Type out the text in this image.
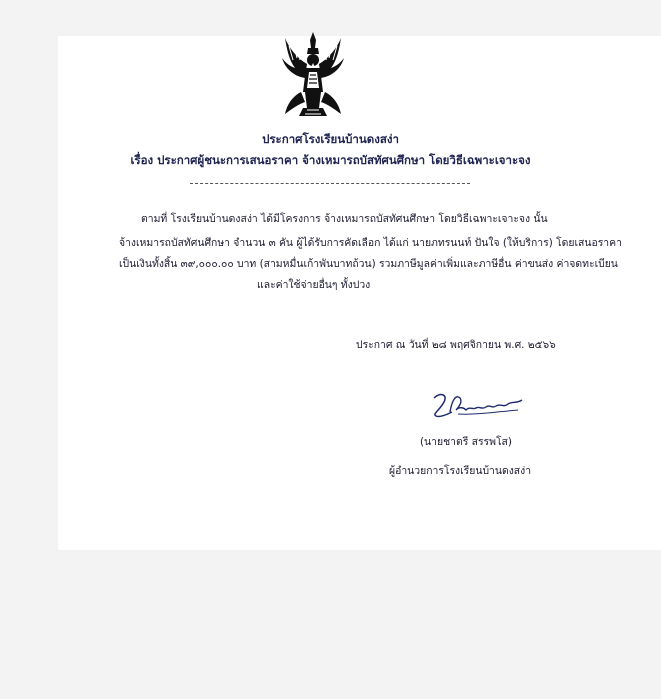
ประกาศโรงเรียนบ้านดงสง่า
เรื่อง ประกาศผู้ชนะการเสนอราคา จ้างเหมารถบัสทัศนศึกษา โดยวิธีเฉพาะเจาะจง
ตามที่ โรงเรียนบ้านดงสง่า ได้มีโครงการ จ้างเหมารถบัสทัศนศึกษา โดยวิธีเฉพาะเจาะจง นั้น
จ้างเหมารถบัสทัศนศึกษา จำนวน ๓ คัน ผู้ได้รับการคัดเลือก ได้แก่ นายภทรนนท์ ปันใจ (ให้บริการ) โดยเสนอราคา
เป็นเงินทั้งสิ้น ๓๙,๐๐๐.๐๐ บาท (สามหมื่นเก้าพันบาทถ้วน) รวมภาษีมูลค่าเพิ่มและภาษีอื่น ค่าขนส่ง ค่าจดทะเบียน
และค่าใช้จ่ายอื่นๆ ทั้งปวง
ประกาศ ณ วันที่ ๒๘ พฤศจิกายน พ.ศ. ๒๕๖๖
(นายชาตรี สรรพโส)
ผู้อำนวยการโรงเรียนบ้านดงสง่า
